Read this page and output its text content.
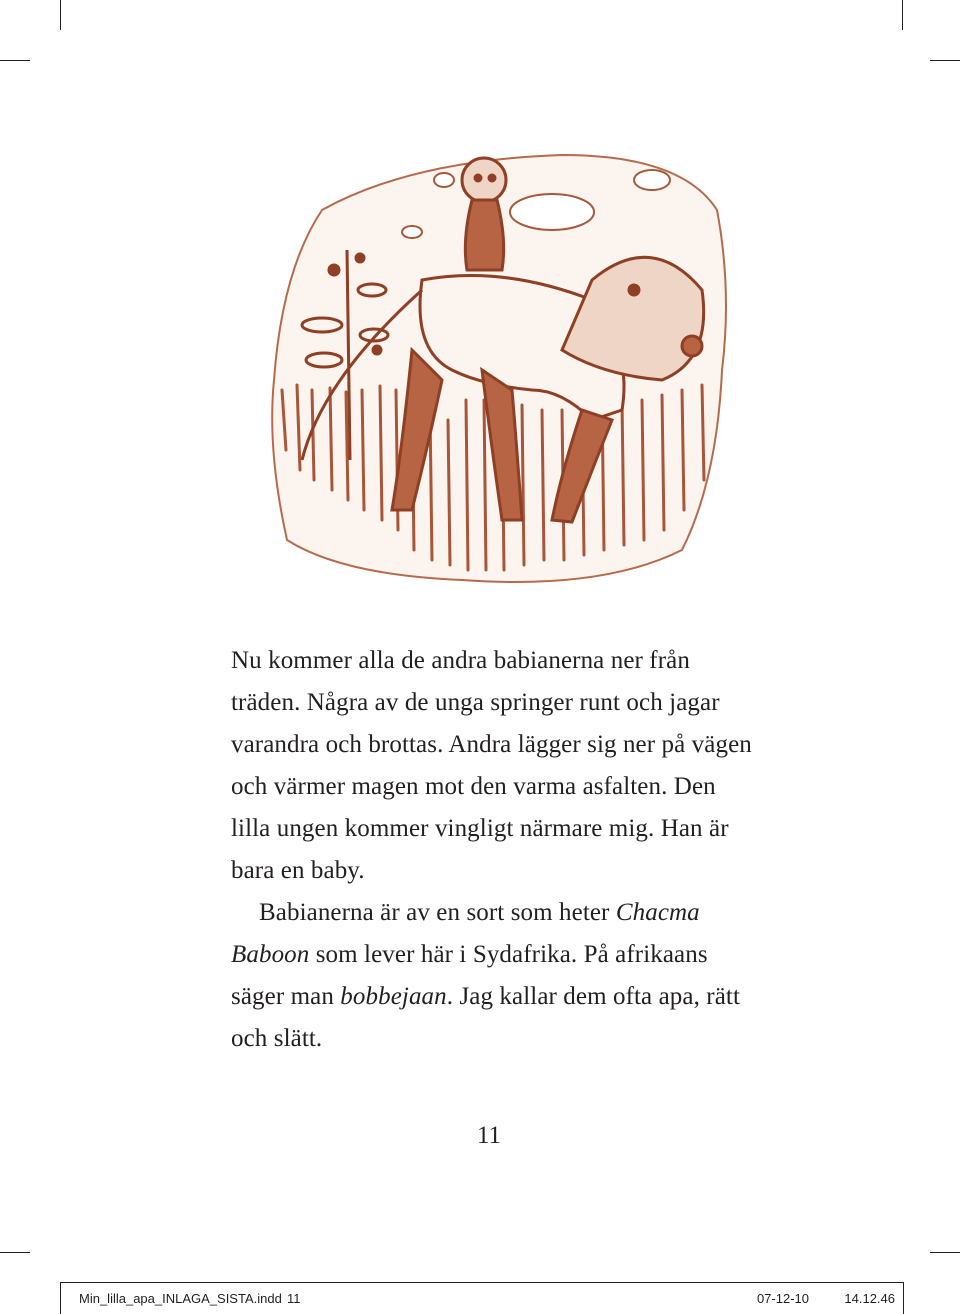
Nu kommer alla de andra babianerna ner från träden. Några av de unga springer runt och jagar varandra och brottas. Andra lägger sig ner på vägen och värmer magen mot den varma asfalten. Den lilla ungen kommer vingligt närmare mig. Han är bara en baby.

Babianerna är av en sort som heter Chacma Baboon som lever här i Sydafrika. På afrikaans säger man bobbejaan. Jag kallar dem ofta apa, rätt och slätt.

11
Min_lilla_apa_INLAGA_SISTA.indd 11	07-12-10	14.12.46
